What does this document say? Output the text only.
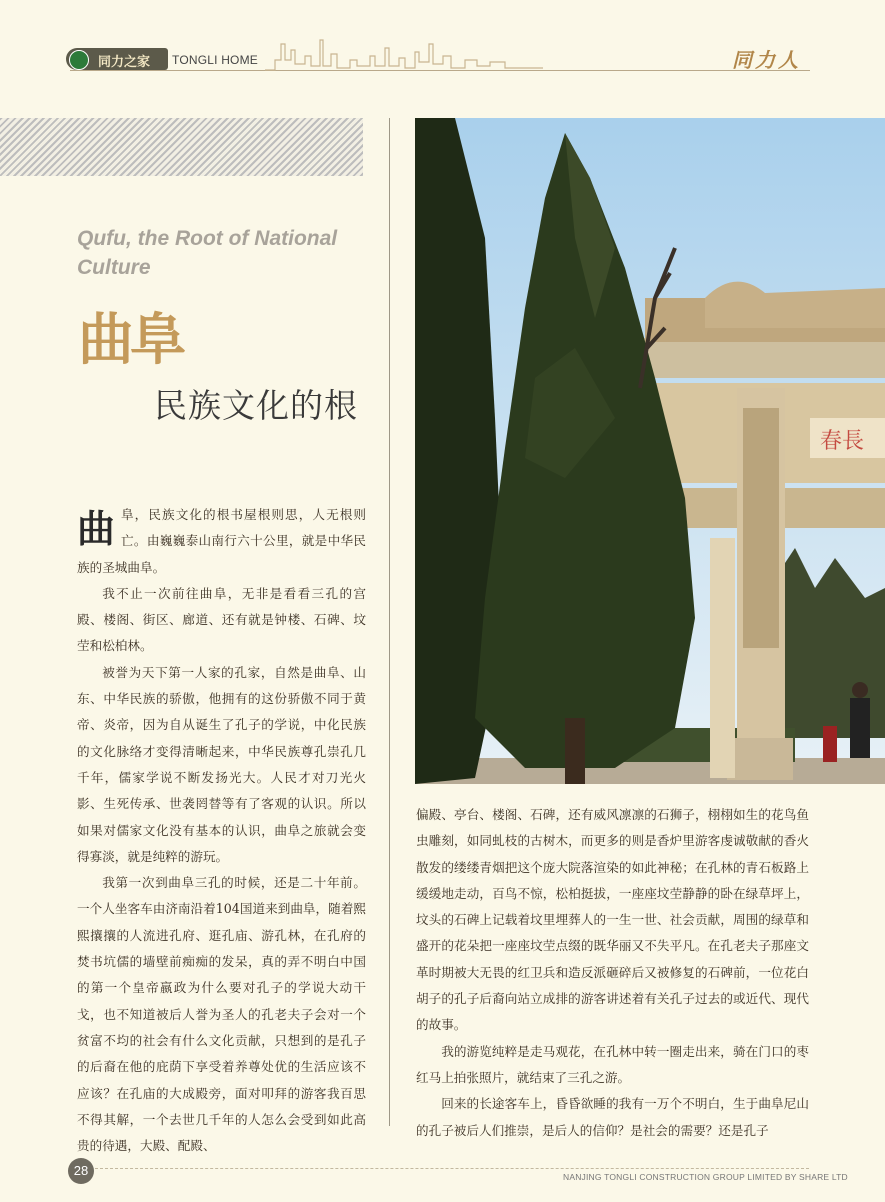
同力之家 TONGLI HOME	同力人
Qufu, the Root of National Culture
曲阜
民族文化的根

曲 阜，民族文化的根书屋根则思，人无根则亡。由巍巍泰山南行六十公里，就是中华民族的圣城曲阜。

我不止一次前往曲阜，无非是看看三孔的宫殿、楼阁、街区、廊道、还有就是钟楼、石碑、坟茔和松柏林。

被誉为天下第一人家的孔家，自然是曲阜、山东、中华民族的骄傲，他拥有的这份骄傲不同于黄帝、炎帝，因为自从诞生了孔子的学说，中化民族的文化脉络才变得清晰起来，中华民族尊孔崇孔几千年，儒家学说不断发扬光大。人民才对刀光火影、生死传承、世袭罔替等有了客观的认识。所以如果对儒家文化没有基本的认识，曲阜之旅就会变得寡淡，就是纯粹的游玩。

我第一次到曲阜三孔的时候，还是二十年前。一个人坐客车由济南沿着104国道来到曲阜，随着熙熙攘攘的人流进孔府、逛孔庙、游孔林，在孔府的焚书坑儒的墙壁前痴痴的发呆，真的弄不明白中国的第一个皇帝嬴政为什么要对孔子的学说大动干戈，也不知道被后人誉为圣人的孔老夫子会对一个贫富不均的社会有什么文化贡献，只想到的是孔子的后裔在他的庇荫下享受着养尊处优的生活应该不应该？在孔庙的大成殿旁，面对叩拜的游客我百思不得其解，一个去世几千年的人怎么会受到如此高贵的待遇，大殿、配殿、

春長

偏殿、亭台、楼阁、石碑，还有威风凛凛的石狮子，栩栩如生的花鸟鱼虫雕刻，如同虬枝的古树木，而更多的则是香炉里游客虔诚敬献的香火散发的缕缕青烟把这个庞大院落渲染的如此神秘；在孔林的青石板路上缓缓地走动，百鸟不惊，松柏挺拔，一座座坟茔静静的卧在绿草坪上，坟头的石碑上记载着坟里埋葬人的一生一世、社会贡献，周围的绿草和盛开的花朵把一座座坟茔点缀的既华丽又不失平凡。在孔老夫子那座文革时期被大无畏的红卫兵和造反派砸碎后又被修复的石碑前，一位花白胡子的孔子后裔向站立成排的游客讲述着有关孔子过去的或近代、现代的故事。

我的游览纯粹是走马观花，在孔林中转一圈走出来，骑在门口的枣红马上拍张照片，就结束了三孔之游。

回来的长途客车上，昏昏欲睡的我有一万个不明白，生于曲阜尼山的孔子被后人们推崇，是后人的信仰？是社会的需要？还是孔子

28	NANJING TONGLI CONSTRUCTION GROUP LIMITED BY SHARE LTD
